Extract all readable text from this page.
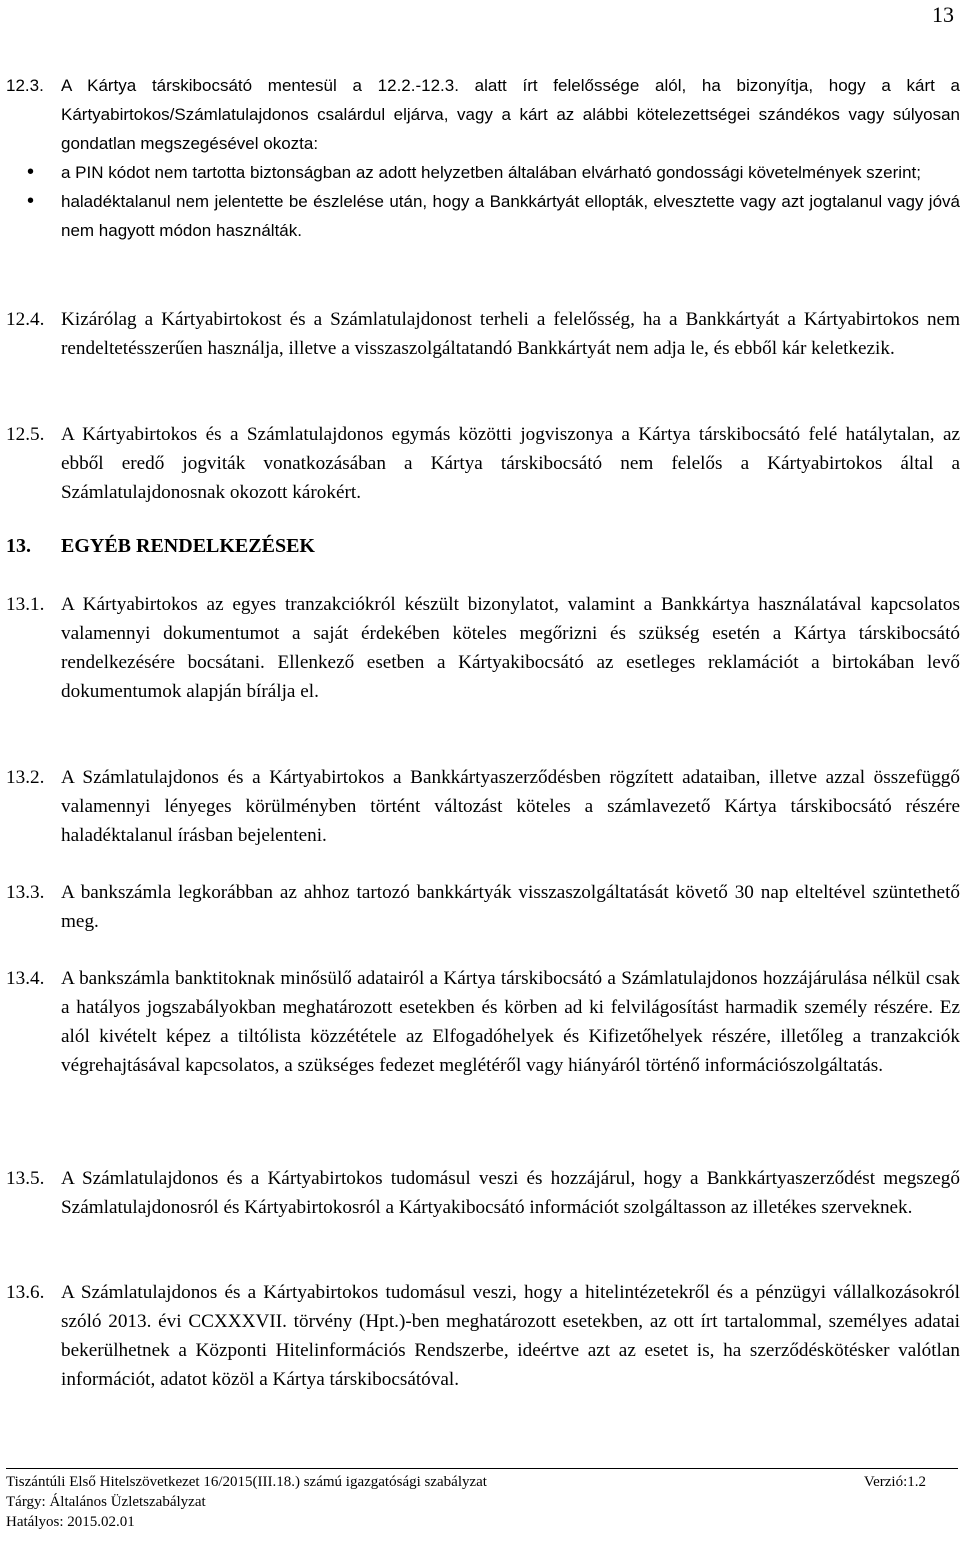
13
12.3. A Kártya társkibocsátó mentesül a 12.2.-12.3. alatt írt felelőssége alól, ha bizonyítja, hogy a kárt a Kártyabirtokos/Számlatulajdonos csalárdul eljárva, vagy a kárt az alábbi kötelezettségei szándékos vagy súlyosan gondatlan megszegésével okozta:
• a PIN kódot nem tartotta biztonságban az adott helyzetben általában elvárható gondossági követelmények szerint;
• haladéktalanul nem jelentette be észlelése után, hogy a Bankkártyát ellopták, elvesztette vagy azt jogtalanul vagy jóvá nem hagyott módon használták.
12.4. Kizárólag a Kártyabirtokost és a Számlatulajdonost terheli a felelősség, ha a Bankkártyát a Kártyabirtokos nem rendeltetésszerűen használja, illetve a visszaszolgáltatandó Bankkártyát nem adja le, és ebből kár keletkezik.
12.5. A Kártyabirtokos és a Számlatulajdonos egymás közötti jogviszonya a Kártya társkibocsátó felé hatálytalan, az ebből eredő jogviták vonatkozásában a Kártya társkibocsátó nem felelős a Kártyabirtokos által a Számlatulajdonosnak okozott károkért.
13. EGYÉB RENDELKEZÉSEK
13.1. A Kártyabirtokos az egyes tranzakciókról készült bizonylatot, valamint a Bankkártya használatával kapcsolatos valamennyi dokumentumot a saját érdekében köteles megőrizni és szükség esetén a Kártya társkibocsátó rendelkezésére bocsátani. Ellenkező esetben a Kártyakibocsátó az esetleges reklamációt a birtokában levő dokumentumok alapján bírálja el.
13.2. A Számlatulajdonos és a Kártyabirtokos a Bankkártyaszerződésben rögzített adataiban, illetve azzal összefüggő valamennyi lényeges körülményben történt változást köteles a számlavezető Kártya társkibocsátó részére haladéktalanul írásban bejelenteni.
13.3. A bankszámla legkorábban az ahhoz tartozó bankkártyák visszaszolgáltatását követő 30 nap elteltével szüntethető meg.
13.4. A bankszámla banktitoknak minősülő adatairól a Kártya társkibocsátó a Számlatulajdonos hozzájárulása nélkül csak a hatályos jogszabályokban meghatározott esetekben és körben ad ki felvilágosítást harmadik személy részére. Ez alól kivételt képez a tiltólista közzététele az Elfogadóhelyek és Kifizetőhelyek részére, illetőleg a tranzakciók végrehajtásával kapcsolatos, a szükséges fedezet meglétéről vagy hiányáról történő információszolgáltatás.
13.5. A Számlatulajdonos és a Kártyabirtokos tudomásul veszi és hozzájárul, hogy a Bankkártyaszerződést megszegő Számlatulajdonosról és Kártyabirtokosról a Kártyakibocsátó információt szolgáltasson az illetékes szerveknek.
13.6. A Számlatulajdonos és a Kártyabirtokos tudomásul veszi, hogy a hitelintézetekről és a pénzügyi vállalkozásokról szóló 2013. évi CCXXXVII. törvény (Hpt.)-ben meghatározott esetekben, az ott írt tartalommal, személyes adatai bekerülhetnek a Központi Hitelinformációs Rendszerbe, ideértve azt az esetet is, ha szerződéskötésker valótlan információt, adatot közöl a Kártya társkibocsátóval.
Tiszántúli Első Hitelszövetkezet 16/2015(III.18.) számú igazgatósági szabályzat	Verzió:1.2
Tárgy: Általános Üzletszabályzat
Hatályos: 2015.02.01
